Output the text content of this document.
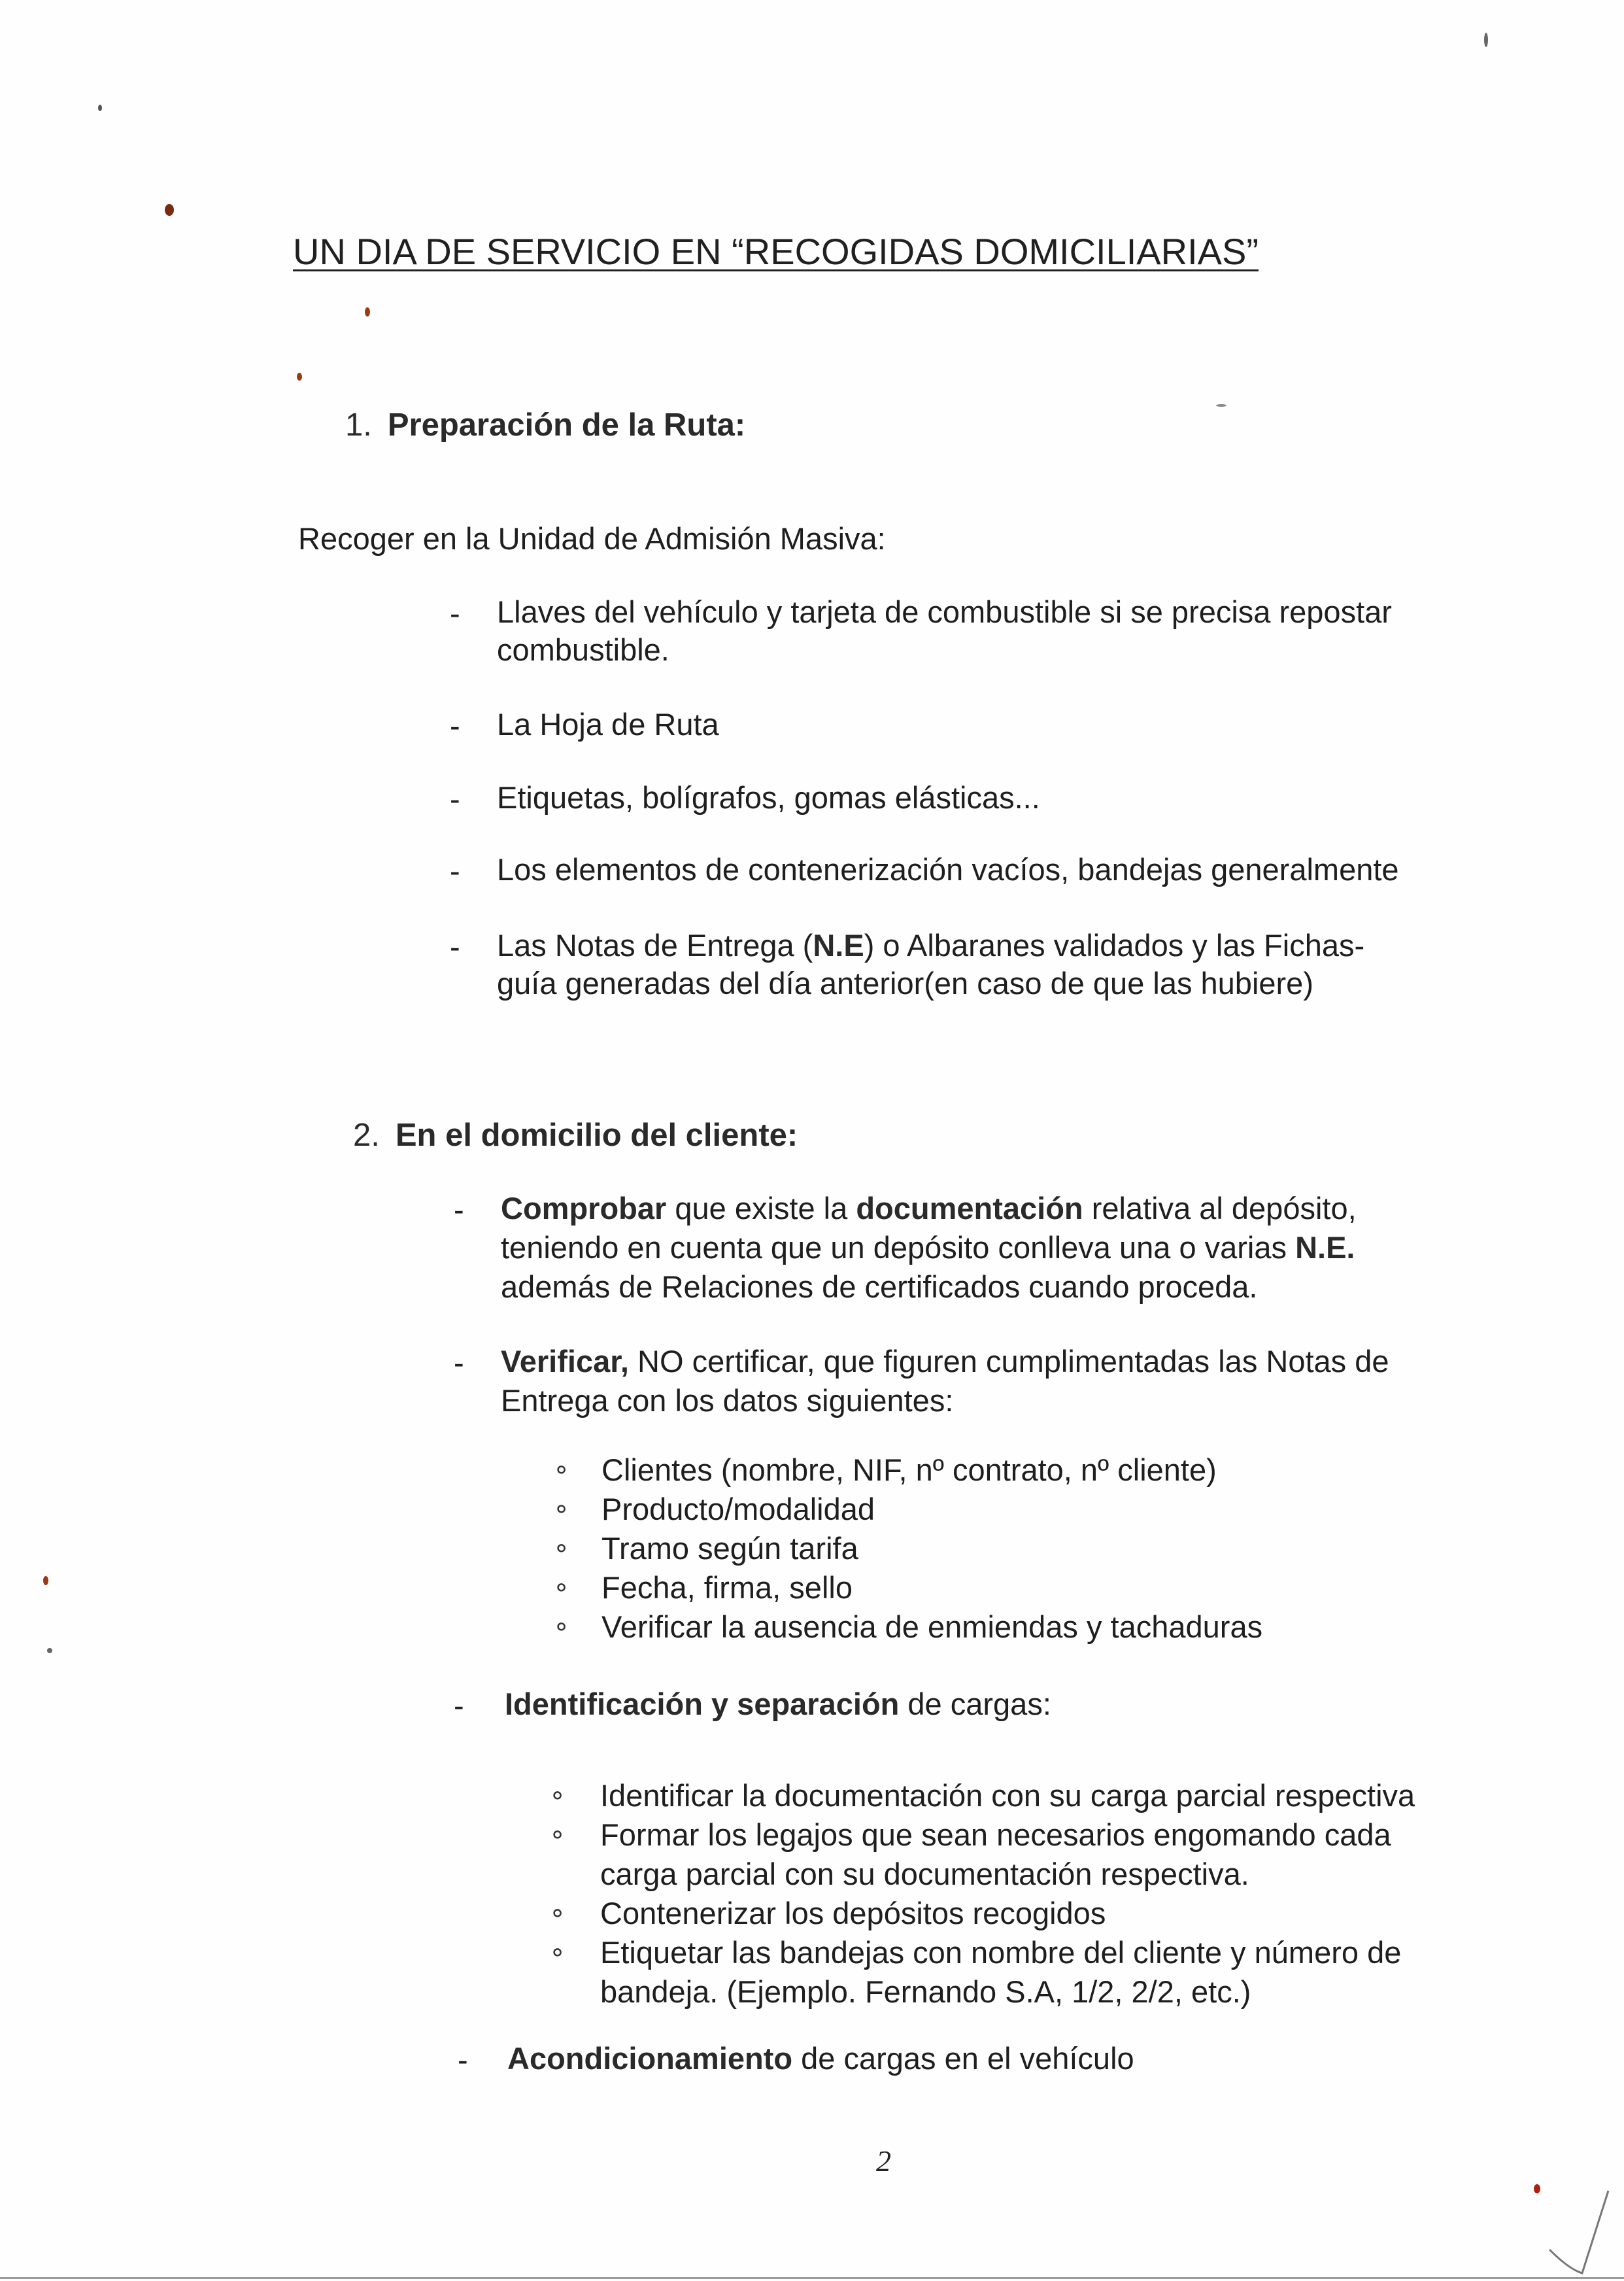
UN DIA DE SERVICIO EN “RECOGIDAS DOMICILIARIAS”
1. Preparación de la Ruta:
Recoger en la Unidad de Admisión Masiva:
- Llaves del vehículo y tarjeta de combustible si se precisa repostar
combustible.
- La Hoja de Ruta
- Etiquetas, bolígrafos, gomas elásticas...
- Los elementos de contenerización vacíos, bandejas generalmente
- Las Notas de Entrega (N.E) o Albaranes validados y las Fichas-
guía generadas del día anterior(en caso de que las hubiere)
2. En el domicilio del cliente:
- Comprobar que existe la documentación relativa al depósito,
teniendo en cuenta que un depósito conlleva una o varias N.E.
además de Relaciones de certificados cuando proceda.
- Verificar, NO certificar, que figuren cumplimentadas las Notas de
Entrega con los datos siguientes:
∘ Clientes (nombre, NIF, nº contrato, nº cliente)
∘ Producto/modalidad
∘ Tramo según tarifa
∘ Fecha, firma, sello
∘ Verificar la ausencia de enmiendas y tachaduras
- Identificación y separación de cargas:
∘ Identificar la documentación con su carga parcial respectiva
∘ Formar los legajos que sean necesarios engomando cada
carga parcial con su documentación respectiva.
∘ Contenerizar los depósitos recogidos
∘ Etiquetar las bandejas con nombre del cliente y número de
bandeja. (Ejemplo. Fernando S.A, 1/2, 2/2, etc.)
- Acondicionamiento de cargas en el vehículo
2
